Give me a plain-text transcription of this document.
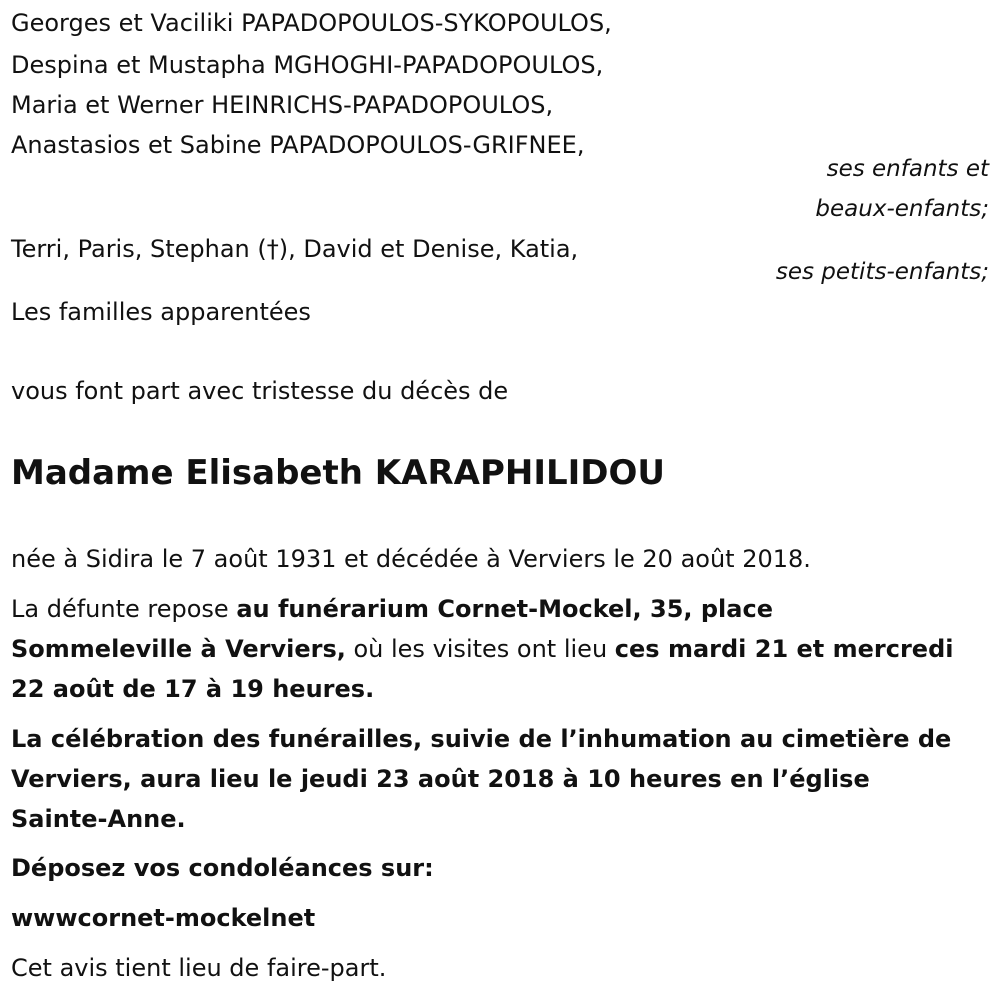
Georges et Vaciliki PAPADOPOULOS-SYKOPOULOS,
Despina et Mustapha MGHOGHI-PAPADOPOULOS,
Maria et Werner HEINRICHS-PAPADOPOULOS,
Anastasios et Sabine PAPADOPOULOS-GRIFNEE,
ses enfants et
beaux-enfants;
Terri, Paris, Stephan (†), David et Denise, Katia,
ses petits-enfants;
Les familles apparentées
vous font part avec tristesse du décès de
Madame Elisabeth KARAPHILIDOU
née à Sidira le 7 août 1931 et décédée à Verviers le 20 août 2018.
La défunte repose au funérarium Cornet-Mockel, 35, place
Sommeleville à Verviers, où les visites ont lieu ces mardi 21 et mercredi
22 août de 17 à 19 heures.
La célébration des funérailles, suivie de l’inhumation au cimetière de
Verviers, aura lieu le jeudi 23 août 2018 à 10 heures en l’église
Sainte-Anne.
Déposez vos condoléances sur:
wwwcornet-mockelnet
Cet avis tient lieu de faire-part.
